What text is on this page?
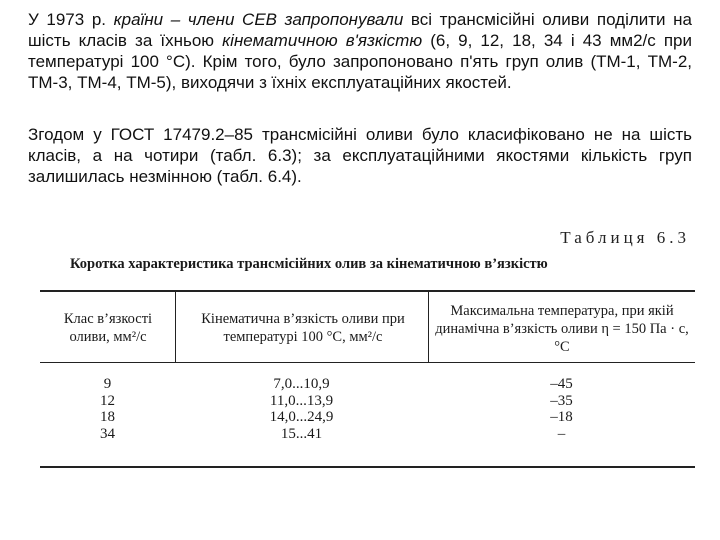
У 1973 р. країни – члени СЕВ запропонували всі трансмісійні оливи поділити на шість класів за їхньою кінематичною в'язкістю (6, 9, 12, 18, 34 і 43 мм2/с при температурі 100 °С). Крім того, було запропоновано п'ять груп олив (ТМ-1, ТМ-2, ТМ-3, ТМ-4, ТМ-5), виходячи з їхніх експлуатаційних якостей.

Згодом у ГОСТ 17479.2–85 трансмісійні оливи було класифіковано не на шість класів, а на чотири (табл. 6.3); за експлуатаційними якостями кількість груп залишилась незмінною (табл. 6.4).

Таблиця 6.3
Коротка характеристика трансмісійних олив за кінематичною в’язкістю
Клас в’язкості оливи, мм²/с
Кінематична в’язкість оливи при температурі 100 °С, мм²/с
Максимальна температура, при якій динамічна в’язкість оливи η = 150 Па · с, °С
9
12
18
34
7,0...10,9
11,0...13,9
14,0...24,9
15...41
–45
–35
–18
–
